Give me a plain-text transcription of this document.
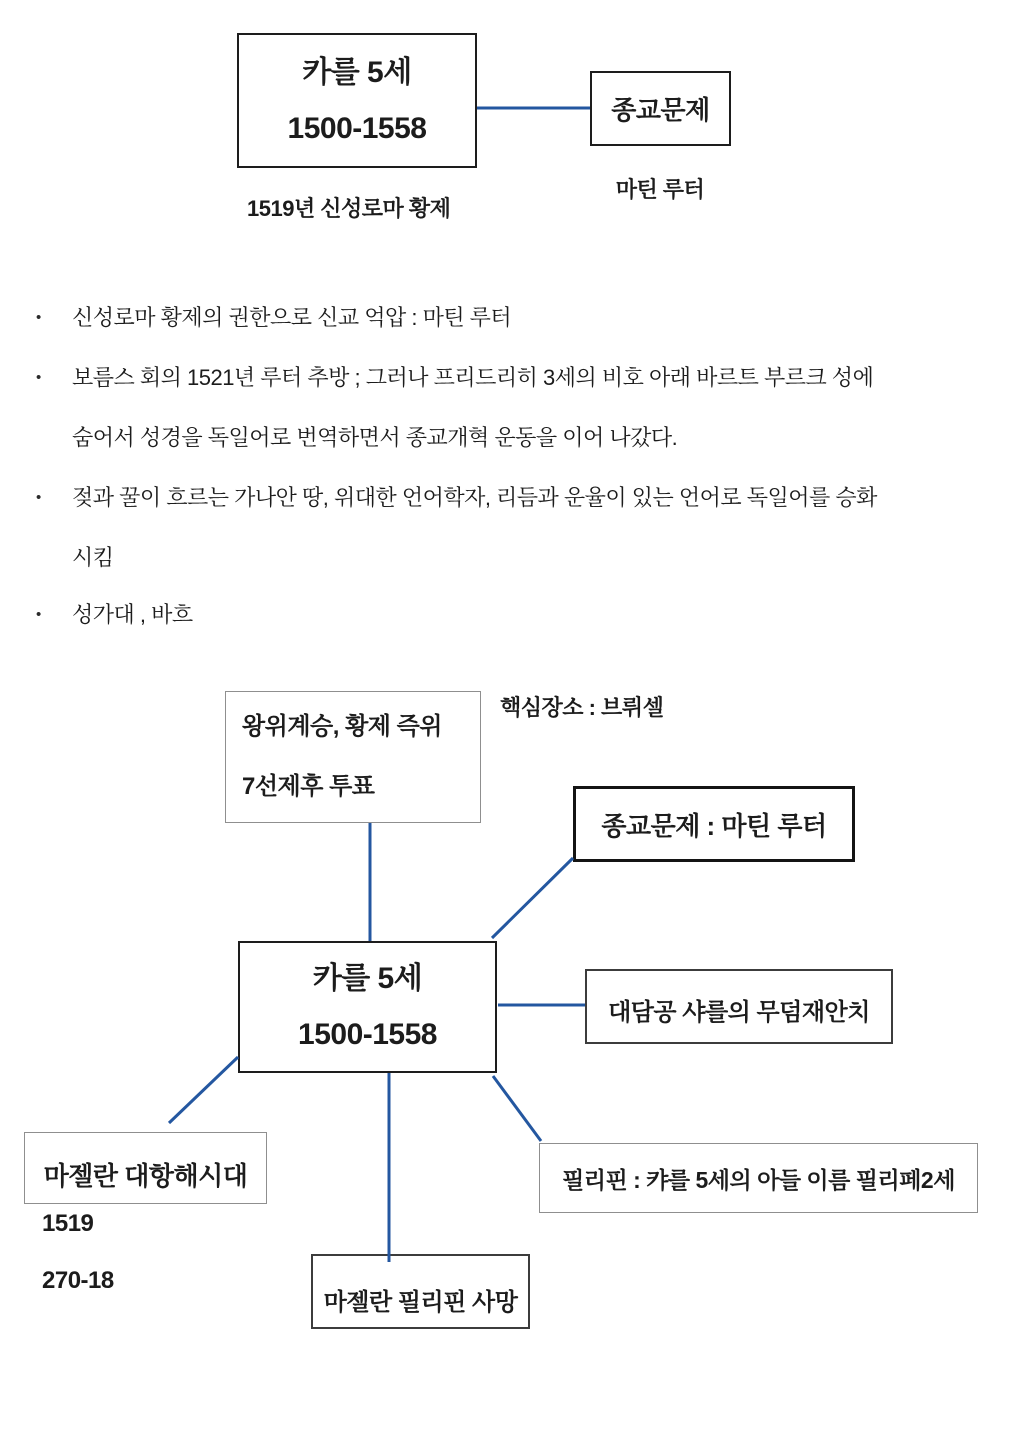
카를 5세
1500-1558
종교문제
1519년 신성로마 황제
마틴 루터
• 신성로마 황제의 권한으로 신교 억압 : 마틴 루터
• 보름스 회의 1521년 루터 추방 ; 그러나 프리드리히 3세의 비호 아래 바르트 부르크 성에
숨어서 성경을 독일어로 번역하면서 종교개혁 운동을 이어 나갔다.
• 젖과 꿀이 흐르는 가나안 땅, 위대한 언어학자, 리듬과 운율이 있는 언어로 독일어를 승화
시킴
• 성가대 , 바흐
왕위계승, 황제 즉위
7선제후 투표
핵심장소 : 브뤼셀
종교문제 : 마틴 루터
카를 5세
1500-1558
대담공 샤를의 무덤재안치
마젤란 대항해시대
1519
270-18
마젤란 필리핀 사망
필리핀 : 캬를 5세의 아들 이름 필리페2세
